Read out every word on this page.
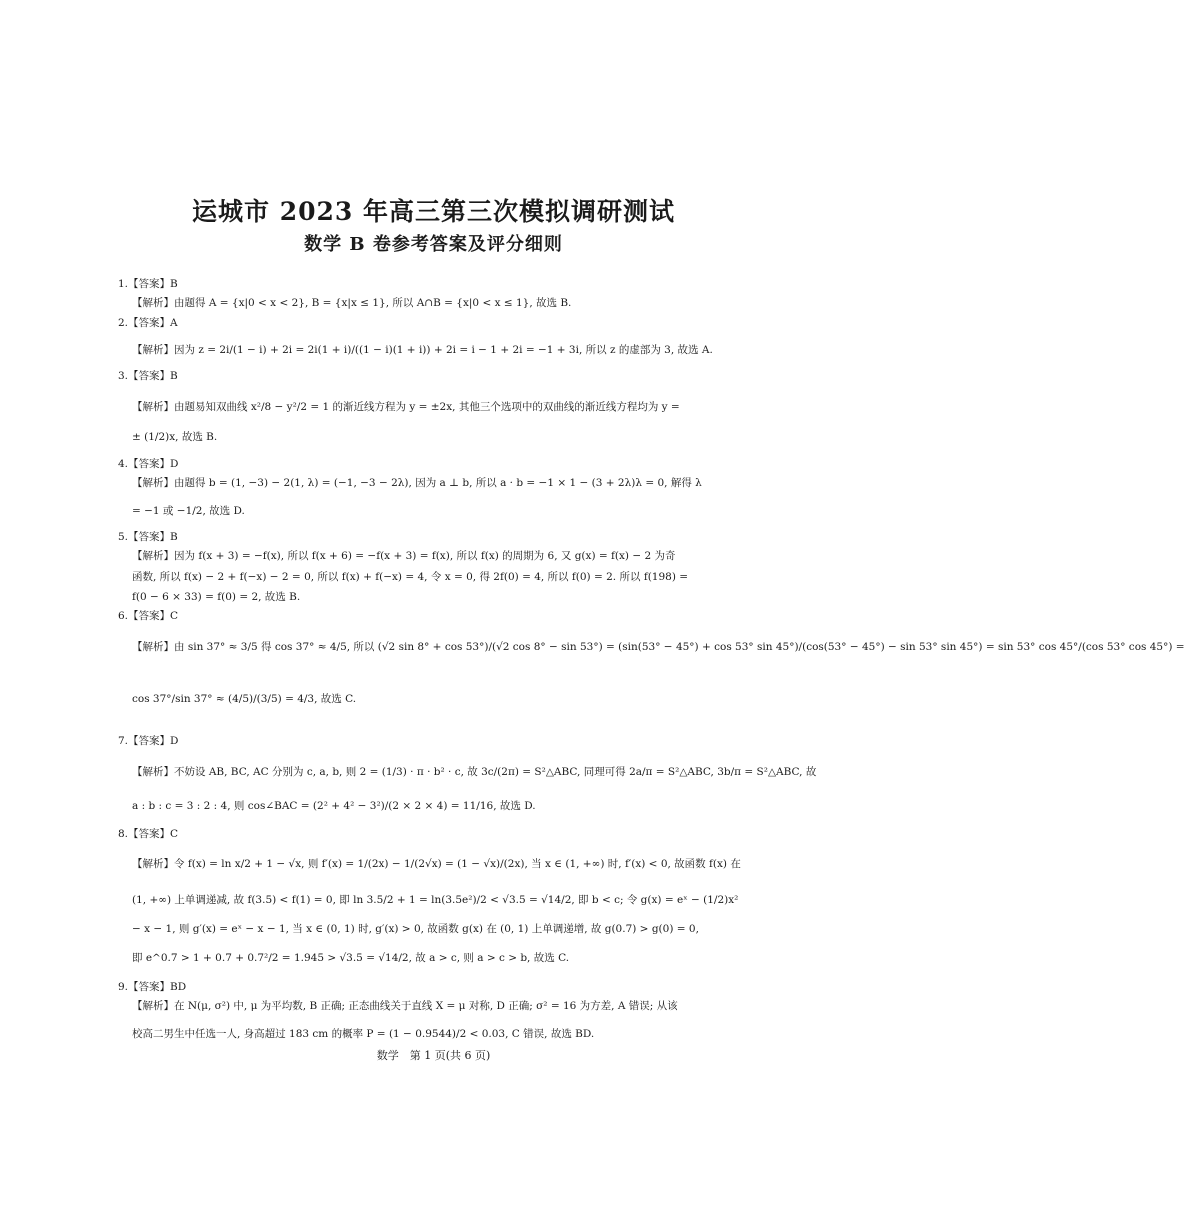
运城市 2023 年高三第三次模拟调研测试
数学 B 卷参考答案及评分细则
1.【答案】B
【解析】由题得 A = {x|0 < x < 2}, B = {x|x ≤ 1}, 所以 A∩B = {x|0 < x ≤ 1}, 故选 B.
2.【答案】A
【解析】因为 z = 2i/(1 − i) + 2i = 2i(1 + i)/((1 − i)(1 + i)) + 2i = i − 1 + 2i = −1 + 3i, 所以 z 的虚部为 3, 故选 A.
3.【答案】B
【解析】由题易知双曲线 x²/8 − y²/2 = 1 的渐近线方程为 y = ±2x, 其他三个选项中的双曲线的渐近线方程均为 y =
± (1/2)x, 故选 B.
4.【答案】D
【解析】由题得 b = (1, −3) − 2(1, λ) = (−1, −3 − 2λ), 因为 a ⊥ b, 所以 a · b = −1 × 1 − (3 + 2λ)λ = 0, 解得 λ
= −1 或 −1/2, 故选 D.
5.【答案】B
【解析】因为 f(x + 3) = −f(x), 所以 f(x + 6) = −f(x + 3) = f(x), 所以 f(x) 的周期为 6, 又 g(x) = f(x) − 2 为奇
函数, 所以 f(x) − 2 + f(−x) − 2 = 0, 所以 f(x) + f(−x) = 4, 令 x = 0, 得 2f(0) = 4, 所以 f(0) = 2. 所以 f(198) =
f(0 − 6 × 33) = f(0) = 2, 故选 B.
6.【答案】C
【解析】由 sin 37° ≈ 3/5 得 cos 37° ≈ 4/5, 所以 (√2 sin 8° + cos 53°)/(√2 cos 8° − sin 53°) = (sin(53° − 45°) + cos 53° sin 45°)/(cos(53° − 45°) − sin 53° sin 45°) = sin 53° cos 45°/(cos 53° cos 45°) =
cos 37°/sin 37° ≈ (4/5)/(3/5) = 4/3, 故选 C.
7.【答案】D
【解析】不妨设 AB, BC, AC 分别为 c, a, b, 则 2 = (1/3) · π · b² · c, 故 3c/(2π) = S²△ABC, 同理可得 2a/π = S²△ABC, 3b/π = S²△ABC, 故
a : b : c = 3 : 2 : 4, 则 cos∠BAC = (2² + 4² − 3²)/(2 × 2 × 4) = 11/16, 故选 D.
8.【答案】C
【解析】令 f(x) = ln x/2 + 1 − √x, 则 f′(x) = 1/(2x) − 1/(2√x) = (1 − √x)/(2x), 当 x ∈ (1, +∞) 时, f′(x) < 0, 故函数 f(x) 在
(1, +∞) 上单调递减, 故 f(3.5) < f(1) = 0, 即 ln 3.5/2 + 1 = ln(3.5e²)/2 < √3.5 = √14/2, 即 b < c; 令 g(x) = eˣ − (1/2)x²
− x − 1, 则 g′(x) = eˣ − x − 1, 当 x ∈ (0, 1) 时, g′(x) > 0, 故函数 g(x) 在 (0, 1) 上单调递增, 故 g(0.7) > g(0) = 0,
即 e^0.7 > 1 + 0.7 + 0.7²/2 = 1.945 > √3.5 = √14/2, 故 a > c, 则 a > c > b, 故选 C.
9.【答案】BD
【解析】在 N(μ, σ²) 中, μ 为平均数, B 正确; 正态曲线关于直线 X = μ 对称, D 正确; σ² = 16 为方差, A 错误; 从该
校高二男生中任选一人, 身高超过 183 cm 的概率 P = (1 − 0.9544)/2 < 0.03, C 错误, 故选 BD.
数学　第 1 页(共 6 页)
